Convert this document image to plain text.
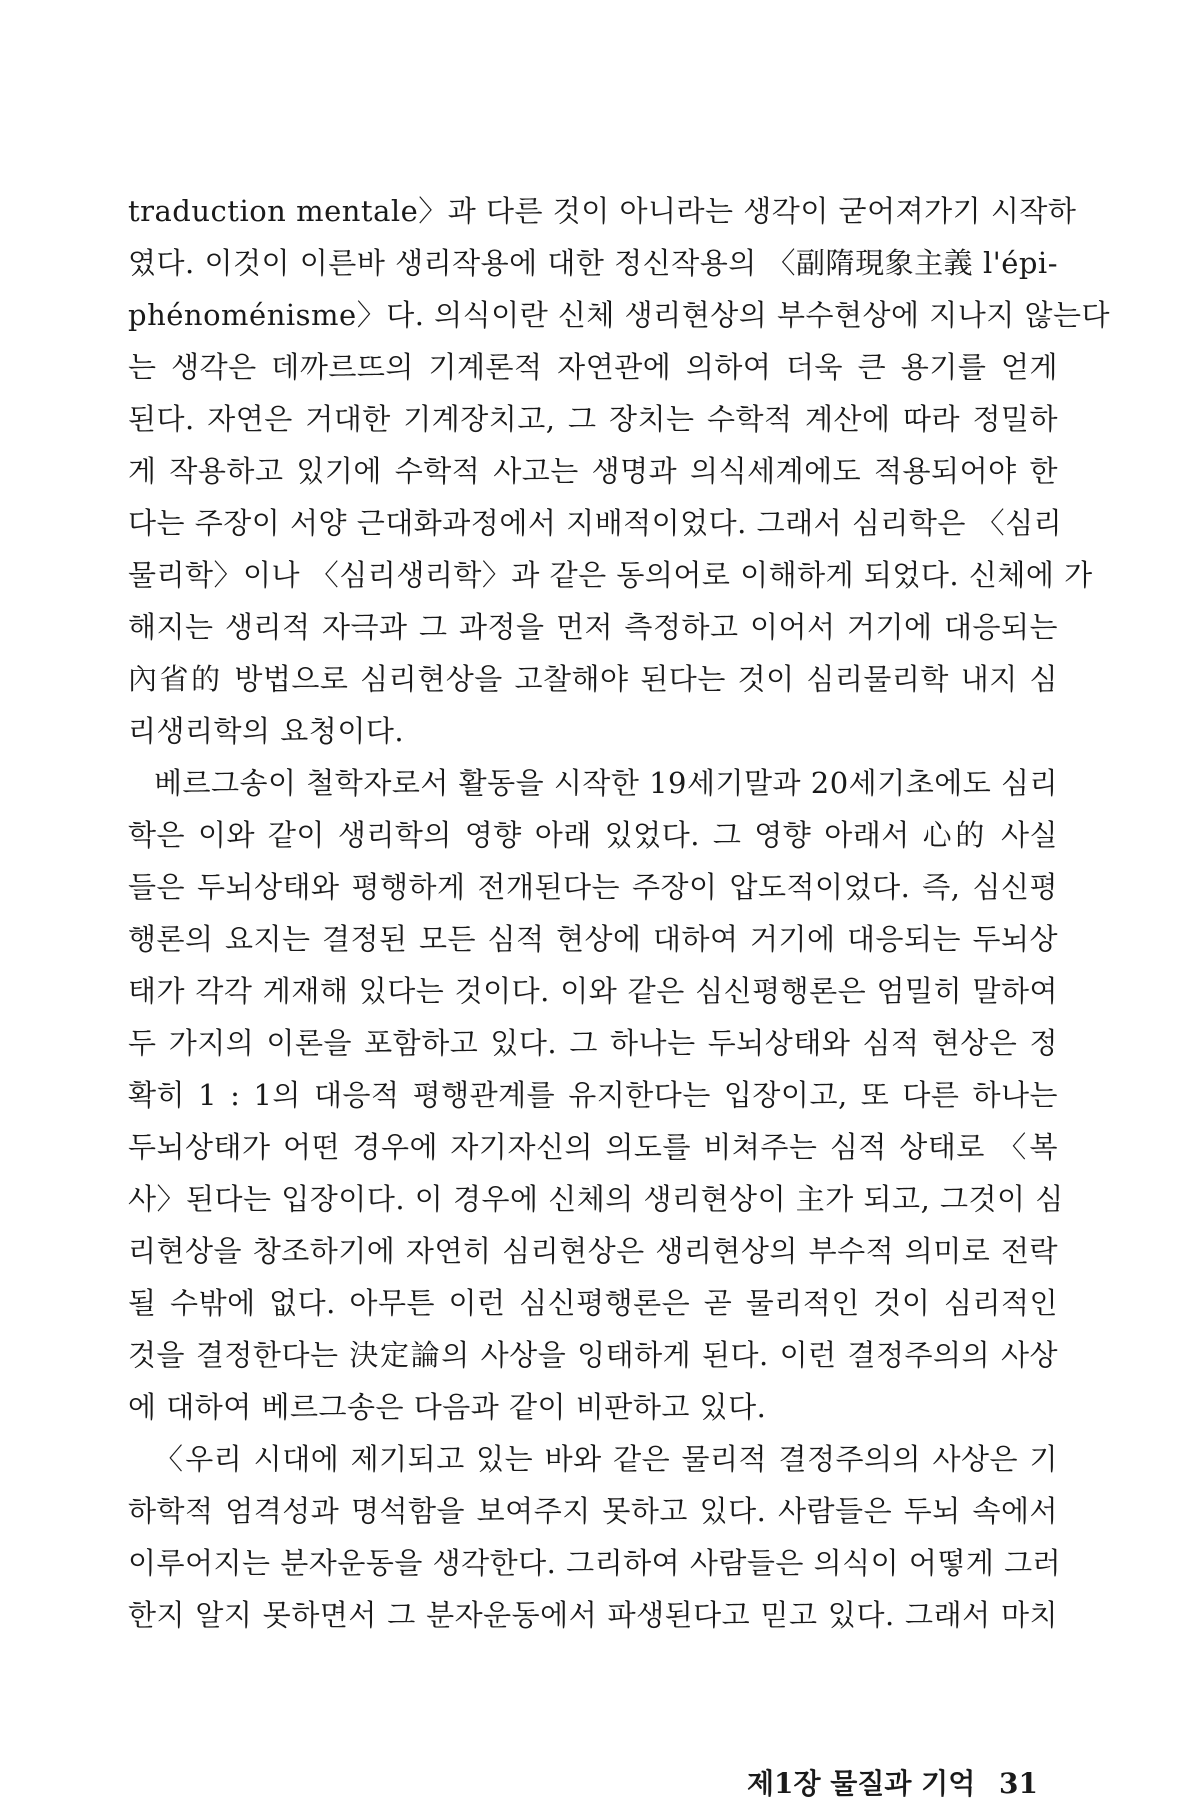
traduction mentale〉과 다른 것이 아니라는 생각이 굳어져가기 시작하
였다. 이것이 이른바 생리작용에 대한 정신작용의 〈副隋現象主義 l'épi-
phénoménisme〉다. 의식이란 신체 생리현상의 부수현상에 지나지 않는다
는 생각은 데까르뜨의 기계론적 자연관에 의하여 더욱 큰 용기를 얻게
된다. 자연은 거대한 기계장치고, 그 장치는 수학적 계산에 따라 정밀하
게 작용하고 있기에 수학적 사고는 생명과 의식세계에도 적용되어야 한
다는 주장이 서양 근대화과정에서 지배적이었다. 그래서 심리학은 〈심리
물리학〉이나 〈심리생리학〉과 같은 동의어로 이해하게 되었다. 신체에 가
해지는 생리적 자극과 그 과정을 먼저 측정하고 이어서 거기에 대응되는
內省的 방법으로 심리현상을 고찰해야 된다는 것이 심리물리학 내지 심
리생리학의 요청이다.
베르그송이 철학자로서 활동을 시작한 19세기말과 20세기초에도 심리
학은 이와 같이 생리학의 영향 아래 있었다. 그 영향 아래서 心的 사실
들은 두뇌상태와 평행하게 전개된다는 주장이 압도적이었다. 즉, 심신평
행론의 요지는 결정된 모든 심적 현상에 대하여 거기에 대응되는 두뇌상
태가 각각 게재해 있다는 것이다. 이와 같은 심신평행론은 엄밀히 말하여
두 가지의 이론을 포함하고 있다. 그 하나는 두뇌상태와 심적 현상은 정
확히 1 : 1의 대응적 평행관계를 유지한다는 입장이고, 또 다른 하나는
두뇌상태가 어떤 경우에 자기자신의 의도를 비쳐주는 심적 상태로 〈복
사〉된다는 입장이다. 이 경우에 신체의 생리현상이 主가 되고, 그것이 심
리현상을 창조하기에 자연히 심리현상은 생리현상의 부수적 의미로 전락
될 수밖에 없다. 아무튼 이런 심신평행론은 곧 물리적인 것이 심리적인
것을 결정한다는 決定論의 사상을 잉태하게 된다. 이런 결정주의의 사상
에 대하여 베르그송은 다음과 같이 비판하고 있다.
〈우리 시대에 제기되고 있는 바와 같은 물리적 결정주의의 사상은 기
하학적 엄격성과 명석함을 보여주지 못하고 있다. 사람들은 두뇌 속에서
이루어지는 분자운동을 생각한다. 그리하여 사람들은 의식이 어떻게 그러
한지 알지 못하면서 그 분자운동에서 파생된다고 믿고 있다. 그래서 마치
제1장 물질과 기억 31
